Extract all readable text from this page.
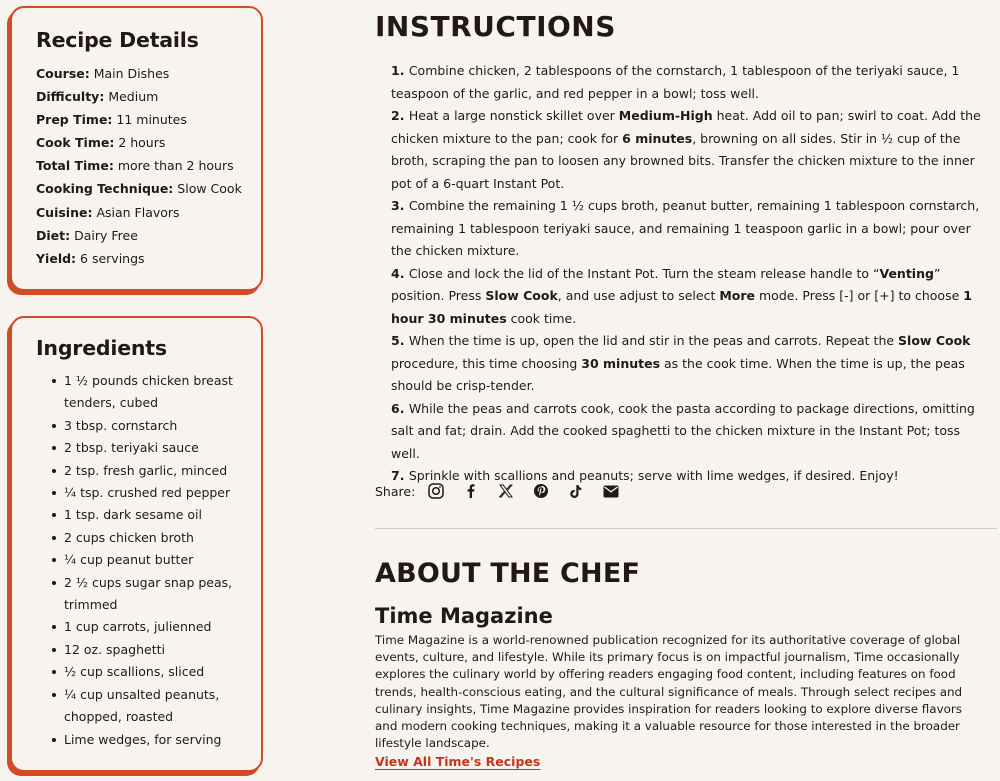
Recipe Details
Course: Main Dishes
Difficulty: Medium
Prep Time: 11 minutes
Cook Time: 2 hours
Total Time: more than 2 hours
Cooking Technique: Slow Cook
Cuisine: Asian Flavors
Diet: Dairy Free
Yield: 6 servings
Ingredients
1 ½ pounds chicken breast tenders, cubed
3 tbsp. cornstarch
2 tbsp. teriyaki sauce
2 tsp. fresh garlic, minced
¼ tsp. crushed red pepper
1 tsp. dark sesame oil
2 cups chicken broth
¼ cup peanut butter
2 ½ cups sugar snap peas, trimmed
1 cup carrots, julienned
12 oz. spaghetti
½ cup scallions, sliced
¼ cup unsalted peanuts, chopped, roasted
Lime wedges, for serving
INSTRUCTIONS

1. Combine chicken, 2 tablespoons of the cornstarch, 1 tablespoon of the teriyaki sauce, 1 teaspoon of the garlic, and red pepper in a bowl; toss well.

2. Heat a large nonstick skillet over Medium-High heat. Add oil to pan; swirl to coat. Add the chicken mixture to the pan; cook for 6 minutes, browning on all sides. Stir in ½ cup of the broth, scraping the pan to loosen any browned bits. Transfer the chicken mixture to the inner pot of a 6-quart Instant Pot.

3. Combine the remaining 1 ½ cups broth, peanut butter, remaining 1 tablespoon cornstarch, remaining 1 tablespoon teriyaki sauce, and remaining 1 teaspoon garlic in a bowl; pour over the chicken mixture.

4. Close and lock the lid of the Instant Pot. Turn the steam release handle to “Venting” position. Press Slow Cook, and use adjust to select More mode. Press [-] or [+] to choose 1 hour 30 minutes cook time.

5. When the time is up, open the lid and stir in the peas and carrots. Repeat the Slow Cook procedure, this time choosing 30 minutes as the cook time. When the time is up, the peas should be crisp-tender.

6. While the peas and carrots cook, cook the pasta according to package directions, omitting salt and fat; drain. Add the cooked spaghetti to the chicken mixture in the Instant Pot; toss well.

7. Sprinkle with scallions and peanuts; serve with lime wedges, if desired. Enjoy!

Share:
ABOUT THE CHEF
Time Magazine

Time Magazine is a world-renowned publication recognized for its authoritative coverage of global events, culture, and lifestyle. While its primary focus is on impactful journalism, Time occasionally explores the culinary world by offering readers engaging food content, including features on food trends, health-conscious eating, and the cultural significance of meals. Through select recipes and culinary insights, Time Magazine provides inspiration for readers looking to explore diverse flavors and modern cooking techniques, making it a valuable resource for those interested in the broader lifestyle landscape.

View All Time's Recipes
